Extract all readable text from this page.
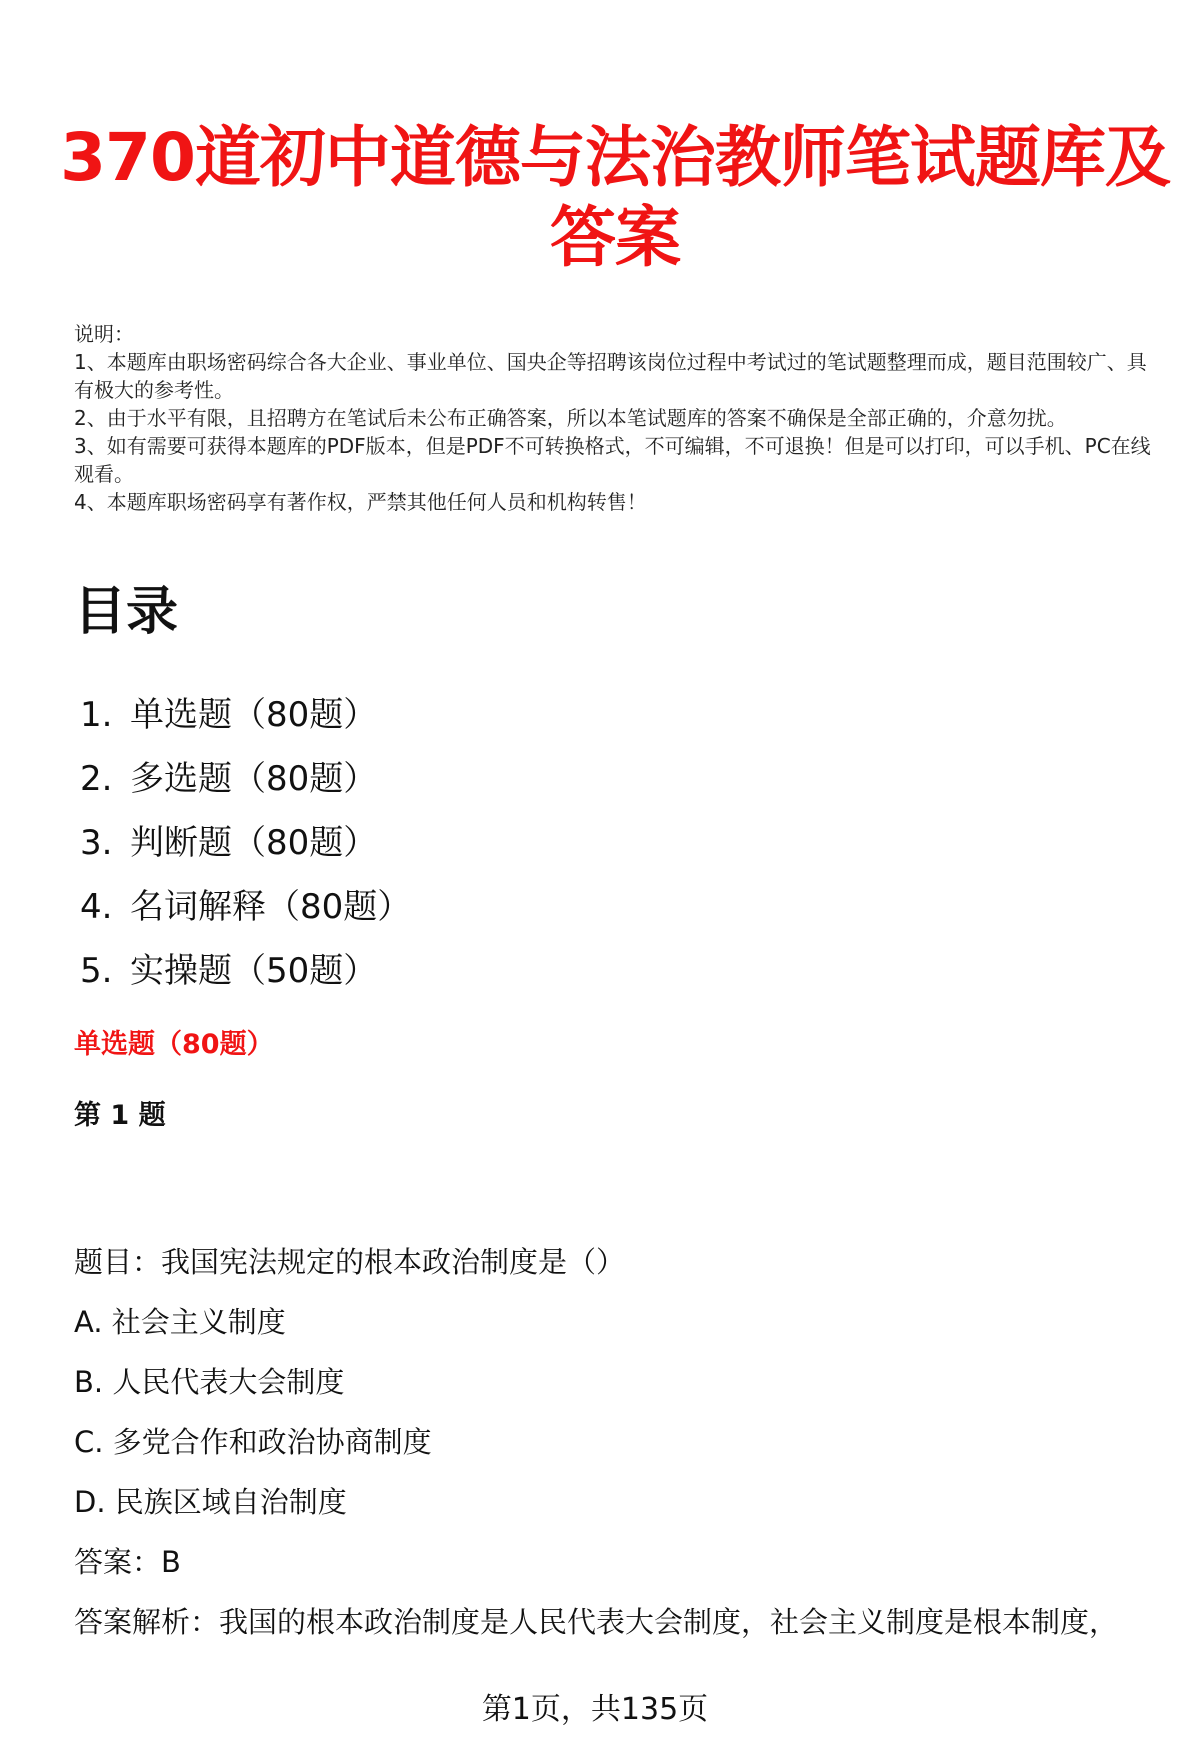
370道初中道德与法治教师笔试题库及答案

说明：

1、本题库由职场密码综合各大企业、事业单位、国央企等招聘该岗位过程中考试过的笔试题整理而成，题目范围较广、具有极大的参考性。

2、由于水平有限，且招聘方在笔试后未公布正确答案，所以本笔试题库的答案不确保是全部正确的，介意勿扰。

3、如有需要可获得本题库的PDF版本，但是PDF不可转换格式，不可编辑，不可退换！但是可以打印，可以手机、PC在线观看。

4、本题库职场密码享有著作权，严禁其他任何人员和机构转售！

目录
1. 单选题（80题）
2. 多选题（80题）
3. 判断题（80题）
4. 名词解释（80题）
5. 实操题（50题）
单选题（80题）
第 1 题

题目：我国宪法规定的根本政治制度是（）

A. 社会主义制度

B. 人民代表大会制度

C. 多党合作和政治协商制度

D. 民族区域自治制度

答案：B

答案解析：我国的根本政治制度是人民代表大会制度，社会主义制度是根本制度，

第1页，共135页
